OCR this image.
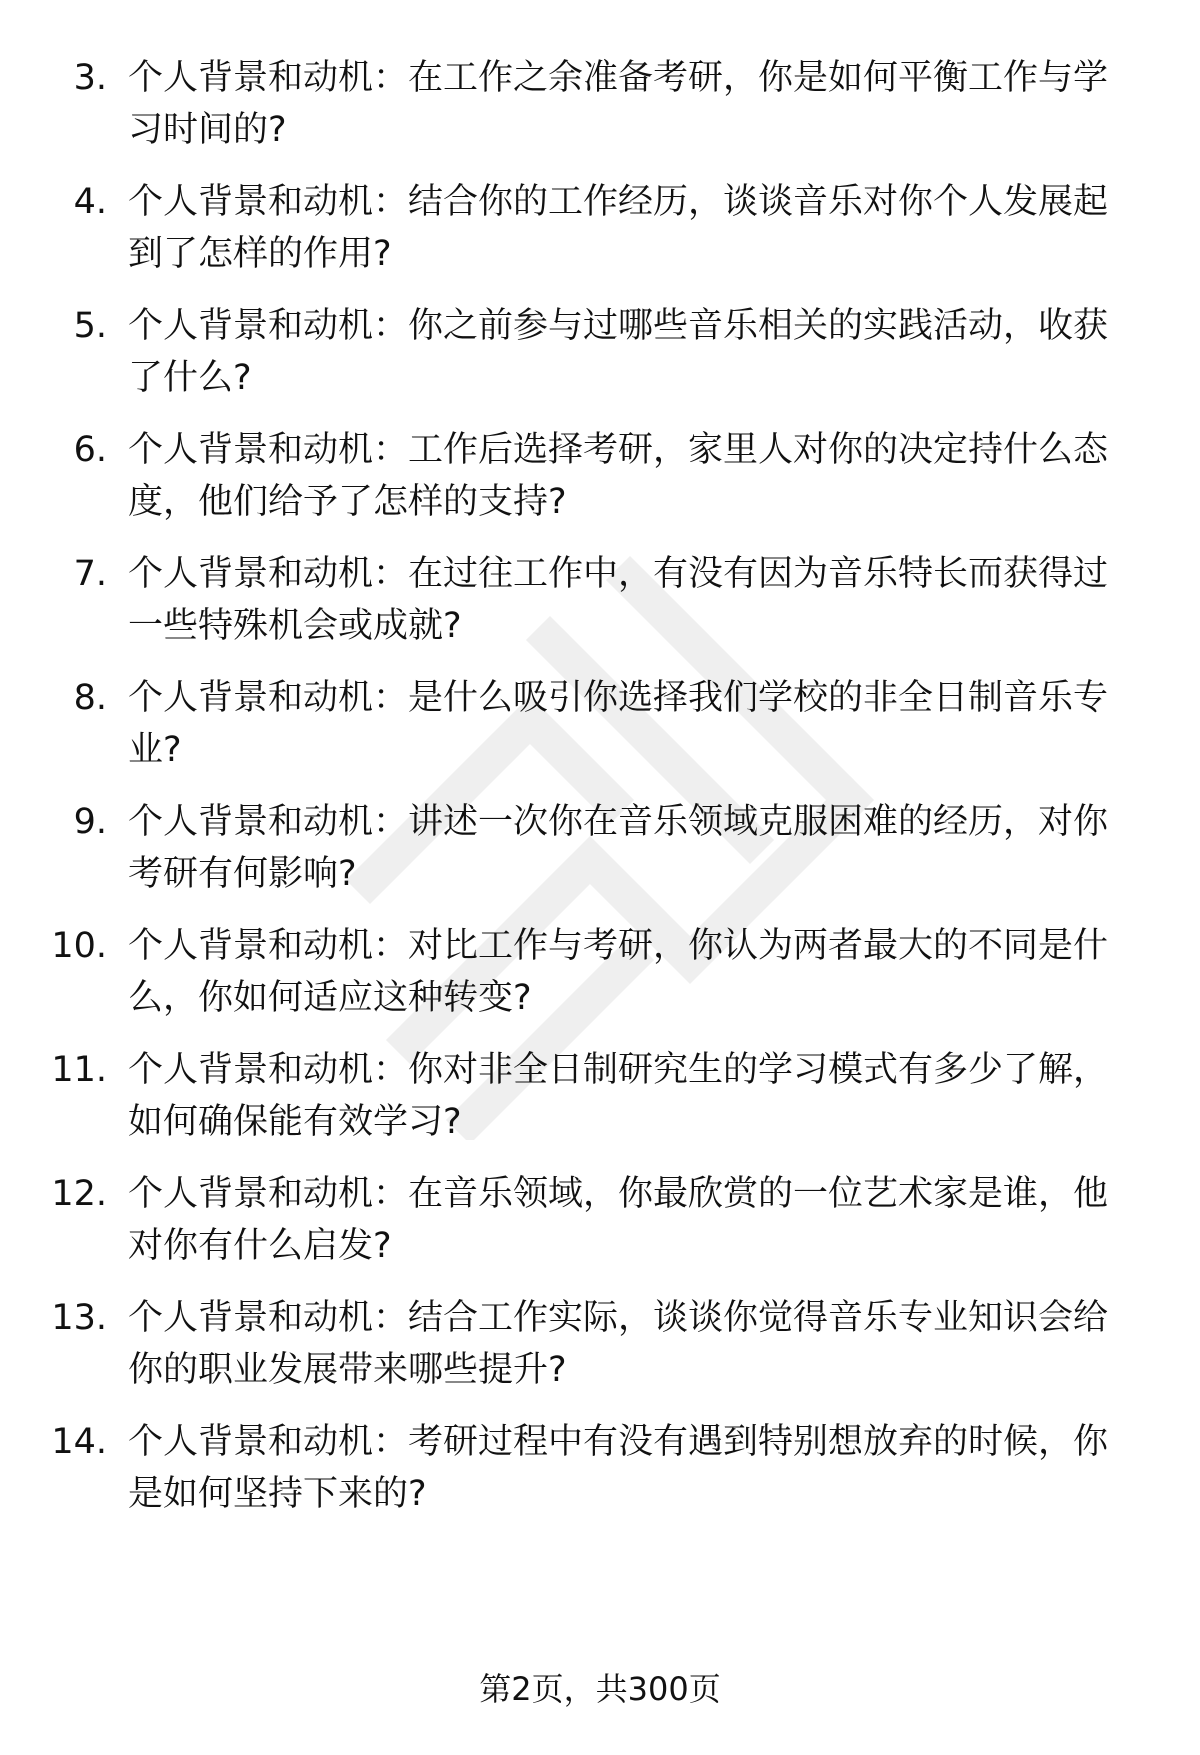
3. 个人背景和动机：在工作之余准备考研，你是如何平衡工作与学习时间的?
4. 个人背景和动机：结合你的工作经历，谈谈音乐对你个人发展起到了怎样的作用?
5. 个人背景和动机：你之前参与过哪些音乐相关的实践活动，收获了什么?
6. 个人背景和动机：工作后选择考研，家里人对你的决定持什么态度，他们给予了怎样的支持?
7. 个人背景和动机：在过往工作中，有没有因为音乐特长而获得过一些特殊机会或成就?
8. 个人背景和动机：是什么吸引你选择我们学校的非全日制音乐专业?
9. 个人背景和动机：讲述一次你在音乐领域克服困难的经历，对你考研有何影响?
10. 个人背景和动机：对比工作与考研，你认为两者最大的不同是什么，你如何适应这种转变?
11. 个人背景和动机：你对非全日制研究生的学习模式有多少了解，如何确保能有效学习?
12. 个人背景和动机：在音乐领域，你最欣赏的一位艺术家是谁，他对你有什么启发?
13. 个人背景和动机：结合工作实际，谈谈你觉得音乐专业知识会给你的职业发展带来哪些提升?
14. 个人背景和动机：考研过程中有没有遇到特别想放弃的时候，你是如何坚持下来的?
第2页，共300页
